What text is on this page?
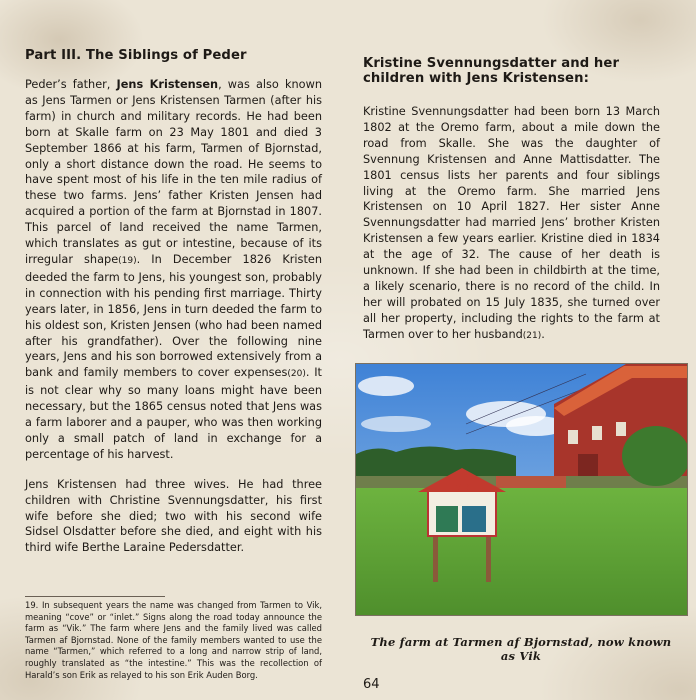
Part III. The Siblings of Peder

Peder’s father, Jens Kristensen, was also known as Jens Tarmen or Jens Kristensen Tarmen (after his farm) in church and military records. He had been born at Skalle farm on 23 May 1801 and died 3 September 1866 at his farm, Tarmen of Bjornstad, only a short distance down the road. He seems to have spent most of his life in the ten mile radius of these two farms. Jens’ father Kristen Jensen had acquired a portion of the farm at Bjornstad in 1807. This parcel of land received the name Tarmen, which translates as gut or intestine, because of its irregular shape(19). In December 1826 Kristen deeded the farm to Jens, his youngest son, probably in connection with his pending first marriage. Thirty years later, in 1856, Jens in turn deeded the farm to his oldest son, Kristen Jensen (who had been named after his grandfather). Over the following nine years, Jens and his son borrowed extensively from a bank and family members to cover expenses(20). It is not clear why so many loans might have been necessary, but the 1865 census noted that Jens was a farm laborer and a pauper, who was then working only a small patch of land in exchange for a percentage of his harvest.

Jens Kristensen had three wives. He had three children with Christine Svennungsdatter, his first wife before she died; two with his second wife Sidsel Olsdatter before she died, and eight with his third wife Berthe Laraine Pedersdatter.

19. In subsequent years the name was changed from Tarmen to Vik, meaning “cove” or “inlet.” Signs along the road today announce the farm as “Vik.” The farm where Jens and the family lived was called Tarmen af Bjornstad. None of the family members wanted to use the name “Tarmen,” which referred to a long and narrow strip of land, roughly translated as “the intestine.” This was the recollection of Harald’s son Erik as relayed to his son Erik Auden Borg.

Kristine Svennungsdatter and her children with Jens Kristensen:

Kristine Svennungsdatter had been born 13 March 1802 at the Oremo farm, about a mile down the road from Skalle. She was the daughter of Svennung Kristensen and Anne Mattisdatter. The 1801 census lists her parents and four siblings living at the Oremo farm. She married Jens Kristensen on 10 April 1827. Her sister Anne Svennungsdatter had married Jens’ brother Kristen Kristensen a few years earlier. Kristine died in 1834 at the age of 32. The cause of her death is unknown. If she had been in childbirth at the time, a likely scenario, there is no record of the child. In her will probated on 15 July 1835, she turned over all her property, including the rights to the farm at Tarmen over to her husband(21).

VIK
The farm at Tarmen af Bjornstad, now known as Vik
64
